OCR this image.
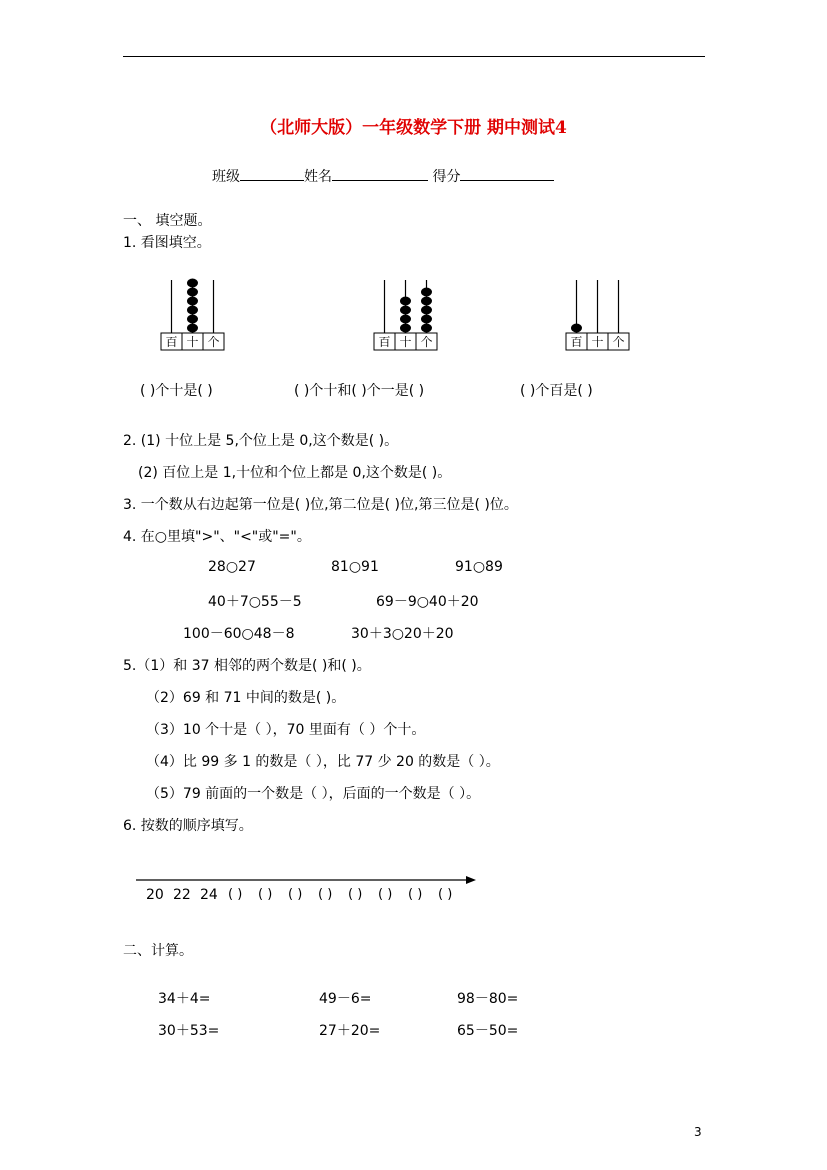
（北师大版）一年级数学下册 期中测试4
班级	姓名	得分
一、 填空题。
1. 看图填空。
百 十 个	百 十 个	百 十 个
( )个十是( )	( )个十和( )个一是( )	( )个百是( )
2. (1) 十位上是 5,个位上是 0,这个数是( )。
(2) 百位上是 1,十位和个位上都是 0,这个数是( )。
3. 一个数从右边起第一位是( )位,第二位是( )位,第三位是( )位。
4. 在○里填">"、"<"或"="。
28○27	81○91	91○89
40＋7○55－5	69－9○40＋20
100－60○48－8	30＋3○20＋20
5.（1）和 37 相邻的两个数是( )和( )。
（2）69 和 71 中间的数是( )。
（3）10 个十是（ ），70 里面有（ ）个十。
（4）比 99 多 1 的数是（ ），比 77 少 20 的数是（ ）。
（5）79 前面的一个数是（ ），后面的一个数是（ ）。
6. 按数的顺序填写。
20 22 24 ( ) ( ) ( ) ( ) ( ) ( ) ( ) ( )
二、计算。
34＋4=	49－6=	98－80=
30＋53=	27＋20=	65－50=
3
